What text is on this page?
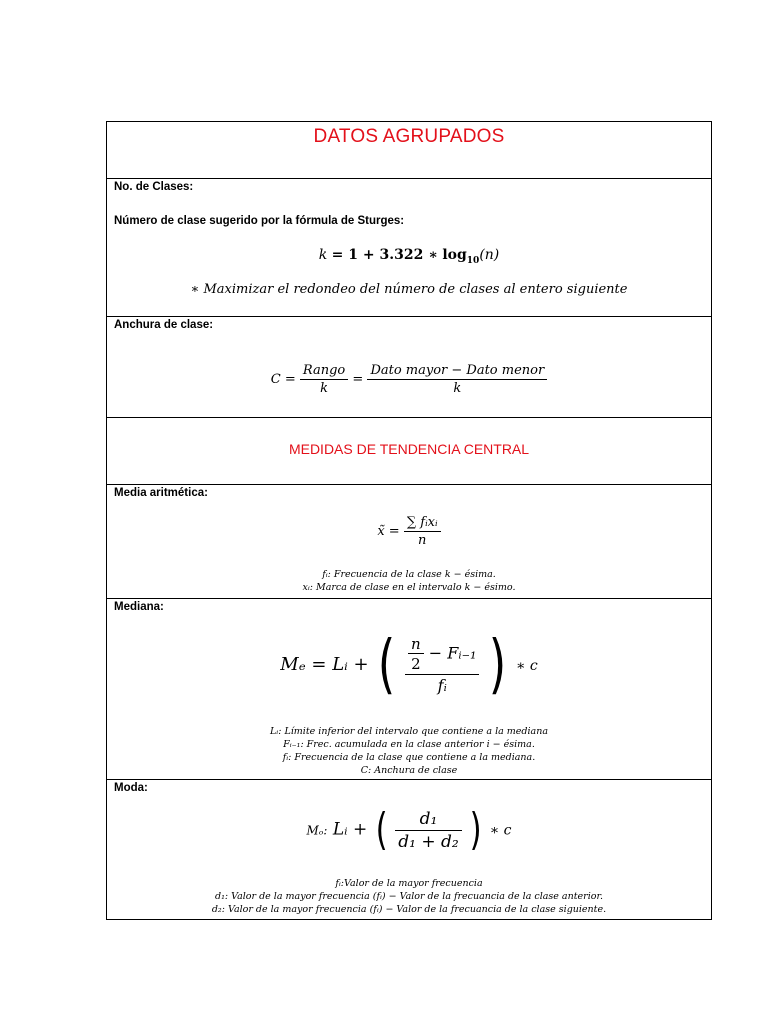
DATOS AGRUPADOS
No. de Clases:
Número de clase sugerido por la fórmula de Sturges:
k = 1 + 3.322 ∗ $\log_{10}(n)$
∗ Maximizar el redondeo del número de clases al entero siguiente
Anchura de clase:
$C = \frac{\text{Rango}}{k} = \frac{\text{Dato mayor − Dato menor}}{k}$
MEDIDAS DE TENDENCIA CENTRAL
Media aritmética:
x̃ = $\frac{\text{∑ fᵢxᵢ}}{n}$
fᵢ: Frecuencia de la clase k − ésima.
xᵢ: Marca de clase en el intervalo k − ésimo.
Mediana:
Mₑ = Lᵢ + ( $\frac{\frac{n}{2} - Fᵢ_{-1}}{\text{fᵢ}}$ ) ∗ c
Lᵢ: Límite inferior del intervalo que contiene a la mediana
Fᵢ₋₁: Frec. acumulada en la clase anterior i − ésima.
fᵢ: Frecuencia de la clase que contiene a la mediana.
C: Anchura de clase
Moda:
Mₒ: Lᵢ + ( $\frac{\text{d₁}}{\text{d₁ + d₂}}$ ) ∗ c
fᵢ:Valor de la mayor frecuencia
d₁: Valor de la mayor frecuencia (fᵢ) − Valor de la frecuancia de la clase anterior.
d₂: Valor de la mayor frecuencia (fᵢ) − Valor de la frecuancia de la clase siguiente.
